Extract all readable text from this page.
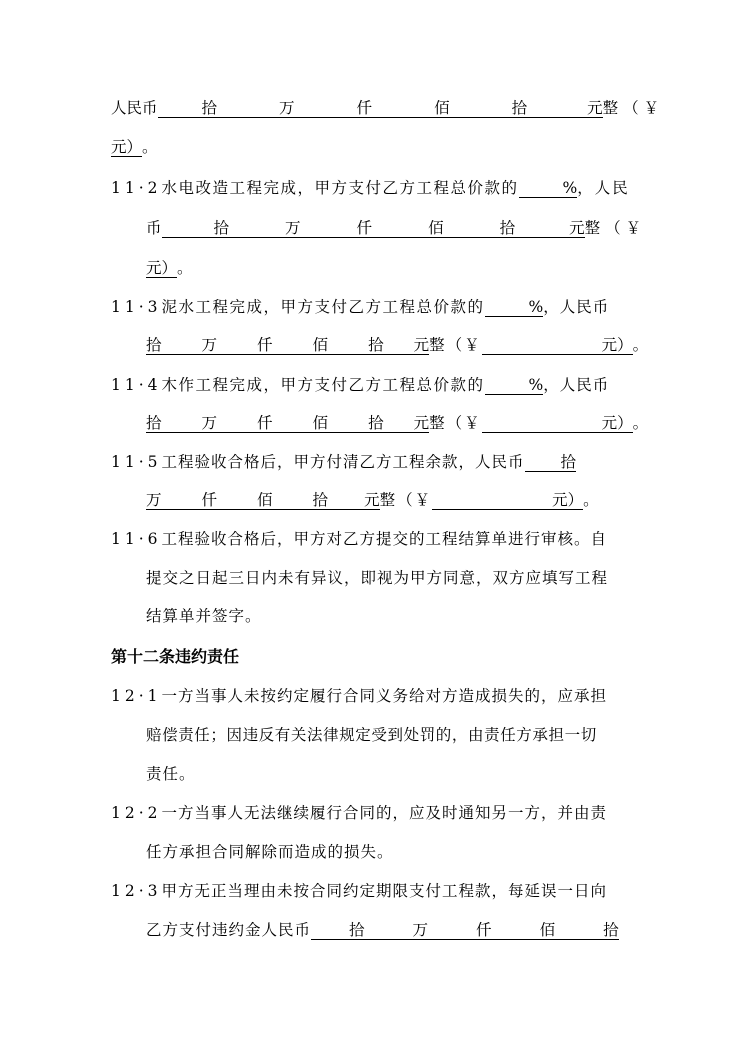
人民币	拾	万	仟	佰	拾	元整（￥
元）。
11·2水电改造工程完成，甲方支付乙方工程总价款的	%，人民
币	拾	万	仟	佰	拾	元整（￥
元）。
11·3泥水工程完成，甲方支付乙方工程总价款的	%，人民币
拾	万	仟	佰	拾 元整（￥	元）。
11·4木作工程完成，甲方支付乙方工程总价款的	%，人民币
拾	万	仟	佰	拾 元整（￥	元）。
11·5工程验收合格后，甲方付清乙方工程余款，人民币 拾
万	仟	佰	拾 元整（￥	元）。
11·6工程验收合格后，甲方对乙方提交的工程结算单进行审核。自
提交之日起三日内未有异议，即视为甲方同意，双方应填写工程
结算单并签字。
第十二条违约责任
12·1一方当事人未按约定履行合同义务给对方造成损失的，应承担
赔偿责任；因违反有关法律规定受到处罚的，由责任方承担一切
责任。
12·2一方当事人无法继续履行合同的，应及时通知另一方，并由责
任方承担合同解除而造成的损失。
12·3甲方无正当理由未按合同约定期限支付工程款，每延误一日向
乙方支付违约金人民币 拾	万	仟	佰	拾
